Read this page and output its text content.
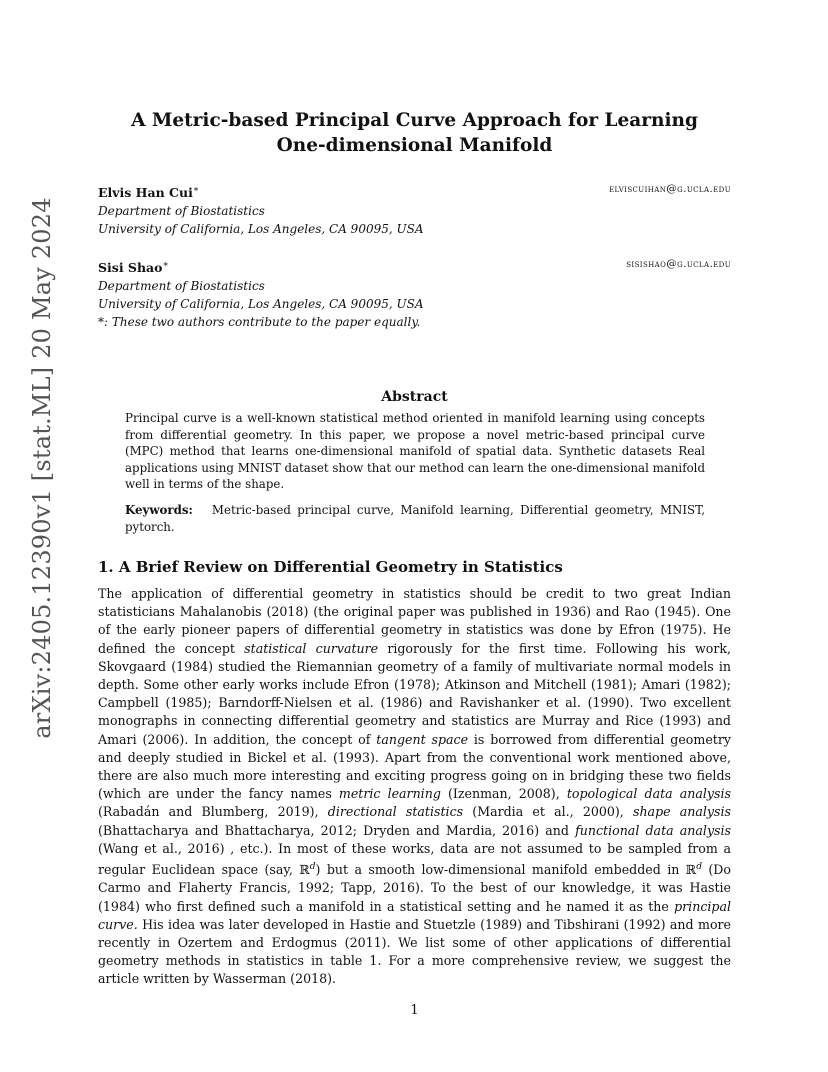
arXiv:2405.12390v1 [stat.ML] 20 May 2024
A Metric-based Principal Curve Approach for Learning
One-dimensional Manifold
Elvis Han Cui∗	elviscuihan@g.ucla.edu
Department of Biostatistics
University of California, Los Angeles, CA 90095, USA
Sisi Shao∗	sisishao@g.ucla.edu
Department of Biostatistics
University of California, Los Angeles, CA 90095, USA
*: These two authors contribute to the paper equally.
Abstract
Principal curve is a well-known statistical method oriented in manifold learning using concepts from differential geometry. In this paper, we propose a novel metric-based principal curve (MPC) method that learns one-dimensional manifold of spatial data. Synthetic datasets Real applications using MNIST dataset show that our method can learn the one-dimensional manifold well in terms of the shape.
Keywords: Metric-based principal curve, Manifold learning, Differential geometry, MNIST, pytorch.
1. A Brief Review on Differential Geometry in Statistics
The application of differential geometry in statistics should be credit to two great Indian statisticians Mahalanobis (2018) (the original paper was published in 1936) and Rao (1945). One of the early pioneer papers of differential geometry in statistics was done by Efron (1975). He defined the concept statistical curvature rigorously for the first time. Following his work, Skovgaard (1984) studied the Riemannian geometry of a family of multivariate normal models in depth. Some other early works include Efron (1978); Atkinson and Mitchell (1981); Amari (1982); Campbell (1985); Barndorff-Nielsen et al. (1986) and Ravishanker et al. (1990). Two excellent monographs in connecting differential geometry and statistics are Murray and Rice (1993) and Amari (2006). In addition, the concept of tangent space is borrowed from differential geometry and deeply studied in Bickel et al. (1993). Apart from the conventional work mentioned above, there are also much more interesting and exciting progress going on in bridging these two fields (which are under the fancy names metric learning (Izenman, 2008), topological data analysis (Rabadán and Blumberg, 2019), directional statistics (Mardia et al., 2000), shape analysis (Bhattacharya and Bhattacharya, 2012; Dryden and Mardia, 2016) and functional data analysis (Wang et al., 2016) , etc.). In most of these works, data are not assumed to be sampled from a regular Euclidean space (say, ℝ$^d$) but a smooth low-dimensional manifold embedded in ℝ$^d$ (Do Carmo and Flaherty Francis, 1992; Tapp, 2016). To the best of our knowledge, it was Hastie (1984) who first defined such a manifold in a statistical setting and he named it as the principal curve. His idea was later developed in Hastie and Stuetzle (1989) and Tibshirani (1992) and more recently in Ozertem and Erdogmus (2011). We list some of other applications of differential geometry methods in statistics in table 1. For a more comprehensive review, we suggest the article written by Wasserman (2018).
1
